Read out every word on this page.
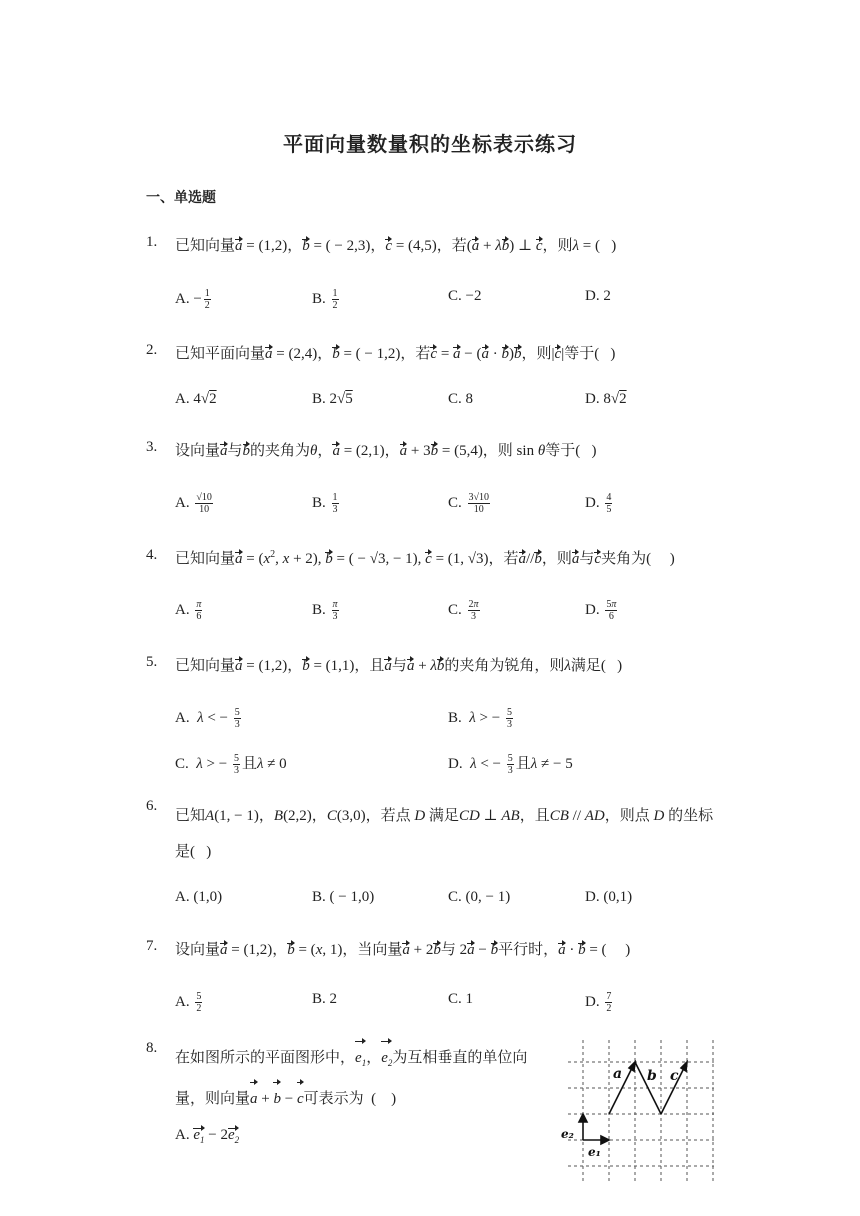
平面向量数量积的坐标表示练习
一、单选题
1. 已知向量a = (1,2)，b = ( − 2,3)，c = (4,5)，若(a + λb) ⊥ c，则λ = (   )
A. − $\frac{1}{2}$	B. $\frac{1}{2}$	C. −2	D. 2
2. 已知平面向量a = (2,4)，b = ( − 1,2)，若c = a − (a · b)b，则|c|等于(   )
A. 4√2	B. 2√5	C. 8	D. 8√2
3. 设向量a与b的夹角为θ，a = (2,1)，a + 3b = (5,4)，则 sin θ等于(   )
A. $\frac{√10}{10}$	B. $\frac{1}{3}$	C. $\frac{3√10}{10}$	D. $\frac{4}{5}$
4. 已知向量$a = (x^2$, x + 2), b = ( − √3, − 1), c = (1, √3)，若a//b，则a与c夹角为(     )
A. $\frac{\pi}{6}$	B. $\frac{\pi}{3}$	C. $\frac{2\pi}{3}$	D. $\frac{5\pi}{6}$
5. 已知向量a = (1,2)，b = (1,1)，且a与a + λb的夹角为锐角，则λ满足(   )
A.  λ < − $\frac{5}{3}$	B.  λ > − $\frac{5}{3}$
C.  λ > − $\frac{5}{3}$ 且λ ≠ 0	D.  λ < − $\frac{5}{3}$ 且λ ≠ − 5
6.
已知A(1, − 1)，B(2,2)，C(3,0)，若点 D 满足CD ⊥ AB，且CB // AD，则点 D 的坐标是(   )
A. (1,0)	B. ( − 1,0)	C. (0, − 1)	D. (0,1)
7. 设向量a = (1,2)，b = (x, 1)，当向量a + 2b与 2a − b平行时，a · b = (     )
A. $\frac{5}{2}$	B. 2	C. 1	D. $\frac{7}{2}$
8.
在如图所示的平面图形中，$e_1$，$e_2$为互相垂直的单位向量，则向量a + b − c可表示为  (    )
A. $e_1 - 2e_2$
a b c
e₂
e₁
